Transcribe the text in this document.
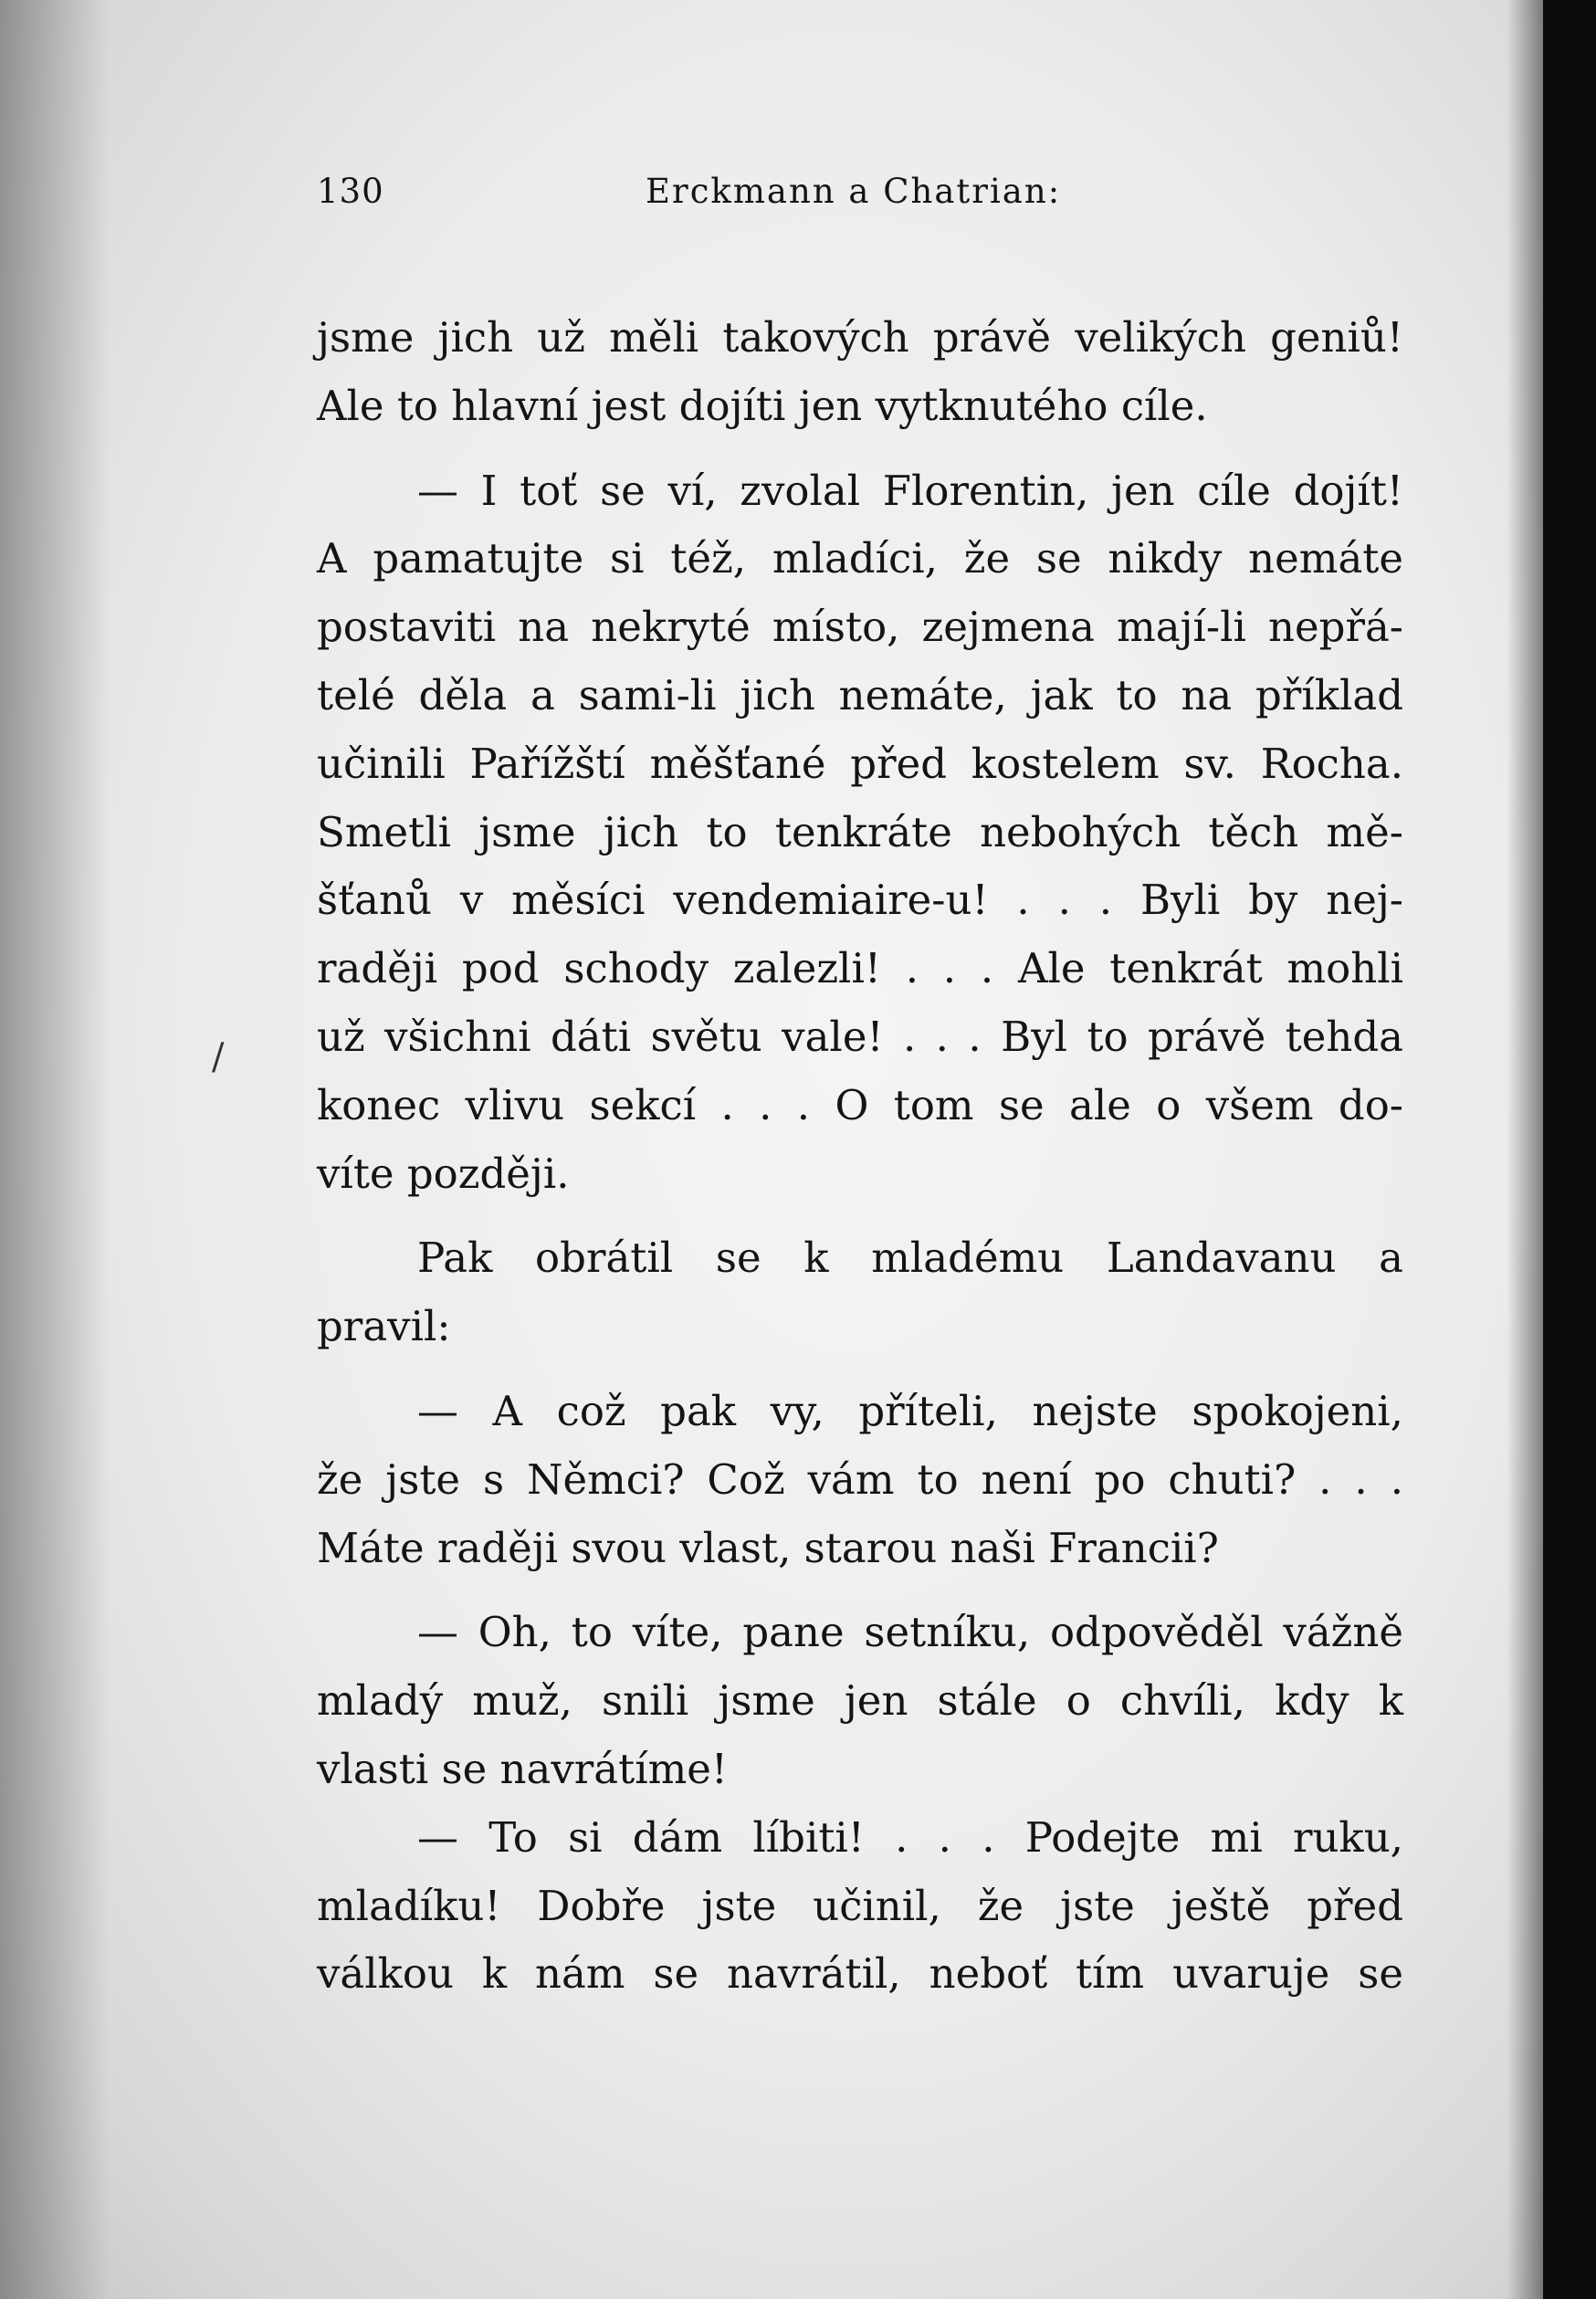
/
130	Erckmann a Chatrian:
jsme jich už měli takových právě velikých geniů!
Ale to hlavní jest dojíti jen vytknutého cíle.
— I toť se ví, zvolal Florentin, jen cíle dojít!
A pamatujte si též, mladíci, že se nikdy nemáte
postaviti na nekryté místo, zejmena mají-li nepřá-
telé děla a sami-li jich nemáte, jak to na příklad
učinili Pařížští měšťané před kostelem sv. Rocha.
Smetli jsme jich to tenkráte nebohých těch mě-
šťanů v měsíci vendemiaire-u! . . . Byli by nej-
raději pod schody zalezli! . . . Ale tenkrát mohli
už všichni dáti světu vale! . . . Byl to právě tehda
konec vlivu sekcí . . . O tom se ale o všem do-
víte později.
Pak obrátil se k mladému Landavanu a
pravil:
— A což pak vy, příteli, nejste spokojeni,
že jste s Němci? Což vám to není po chuti? . . .
Máte raději svou vlast, starou naši Francii?
— Oh, to víte, pane setníku, odpověděl vážně
mladý muž, snili jsme jen stále o chvíli, kdy k
vlasti se navrátíme!
— To si dám líbiti! . . . Podejte mi ruku,
mladíku! Dobře jste učinil, že jste ještě před
válkou k nám se navrátil, neboť tím uvaruje se
